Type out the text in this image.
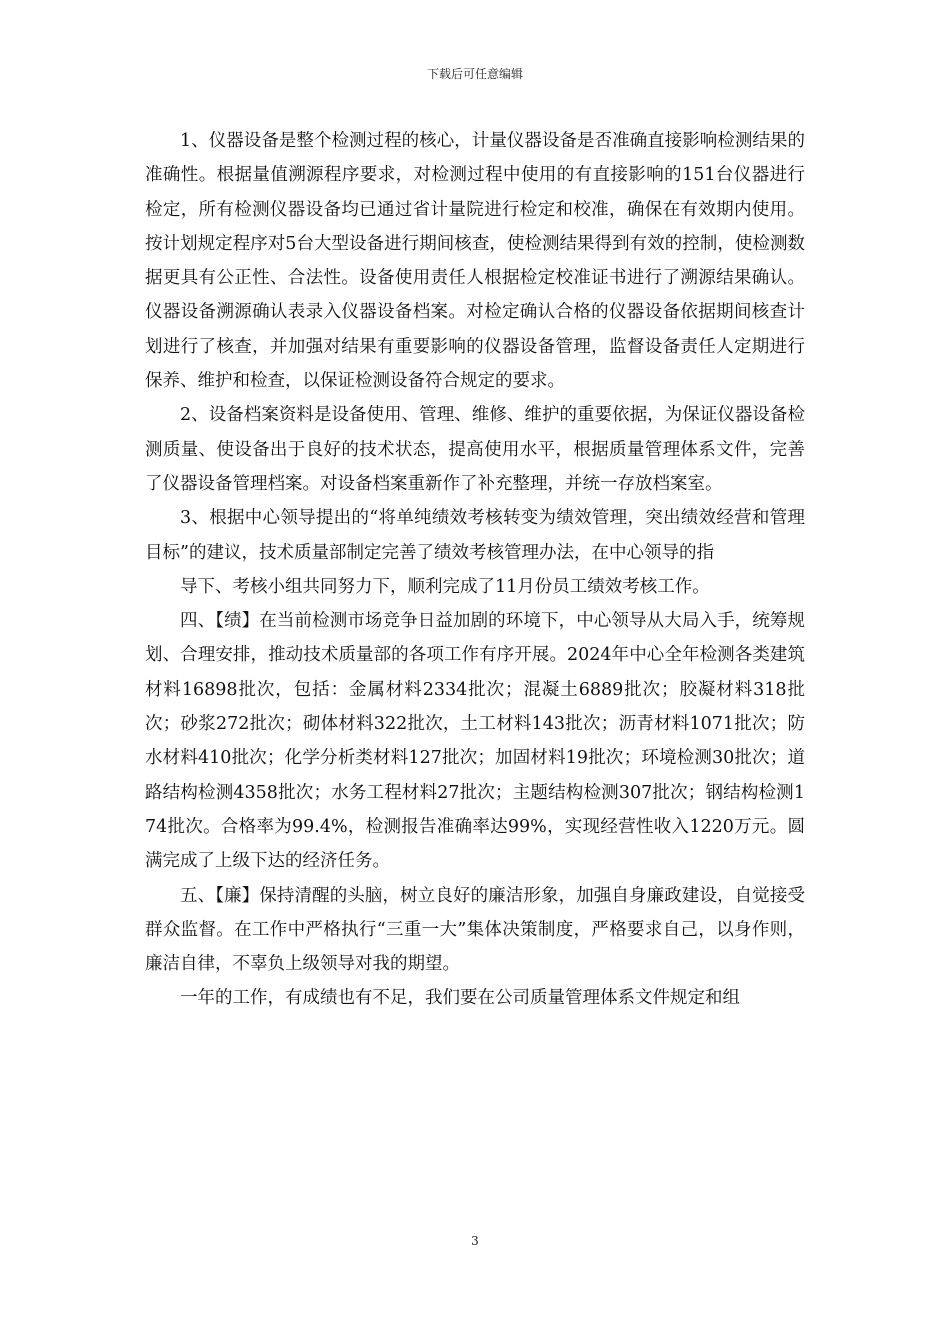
下载后可任意编辑

1、仪器设备是整个检测过程的核心，计量仪器设备是否准确直接影响检测结果的准确性。根据量值溯源程序要求，对检测过程中使用的有直接影响的151台仪器进行检定，所有检测仪器设备均已通过省计量院进行检定和校准，确保在有效期内使用。按计划规定程序对5台大型设备进行期间核查，使检测结果得到有效的控制，使检测数据更具有公正性、合法性。设备使用责任人根据检定校准证书进行了溯源结果确认。仪器设备溯源确认表录入仪器设备档案。对检定确认合格的仪器设备依据期间核查计划进行了核查，并加强对结果有重要影响的仪器设备管理，监督设备责任人定期进行保养、维护和检查，以保证检测设备符合规定的要求。

2、设备档案资料是设备使用、管理、维修、维护的重要依据，为保证仪器设备检测质量、使设备出于良好的技术状态，提高使用水平，根据质量管理体系文件，完善了仪器设备管理档案。对设备档案重新作了补充整理，并统一存放档案室。

3、根据中心领导提出的“将单纯绩效考核转变为绩效管理，突出绩效经营和管理目标”的建议，技术质量部制定完善了绩效考核管理办法，在中心领导的指

导下、考核小组共同努力下，顺利完成了11月份员工绩效考核工作。

四、【绩】在当前检测市场竞争日益加剧的环境下，中心领导从大局入手，统筹规划、合理安排，推动技术质量部的各项工作有序开展。2024年中心全年检测各类建筑材料16898批次，包括：金属材料2334批次；混凝土6889批次；胶凝材料318批次；砂浆272批次；砌体材料322批次，土工材料143批次；沥青材料1071批次；防水材料410批次；化学分析类材料127批次；加固材料19批次；环境检测30批次；道路结构检测4358批次；水务工程材料27批次；主题结构检测307批次；钢结构检测174批次。合格率为99.4%，检测报告准确率达99%，实现经营性收入1220万元。圆满完成了上级下达的经济任务。

五、【廉】保持清醒的头脑，树立良好的廉洁形象，加强自身廉政建设，自觉接受群众监督。在工作中严格执行“三重一大”集体决策制度，严格要求自己，以身作则，廉洁自律，不辜负上级领导对我的期望。

一年的工作，有成绩也有不足，我们要在公司质量管理体系文件规定和组

3
